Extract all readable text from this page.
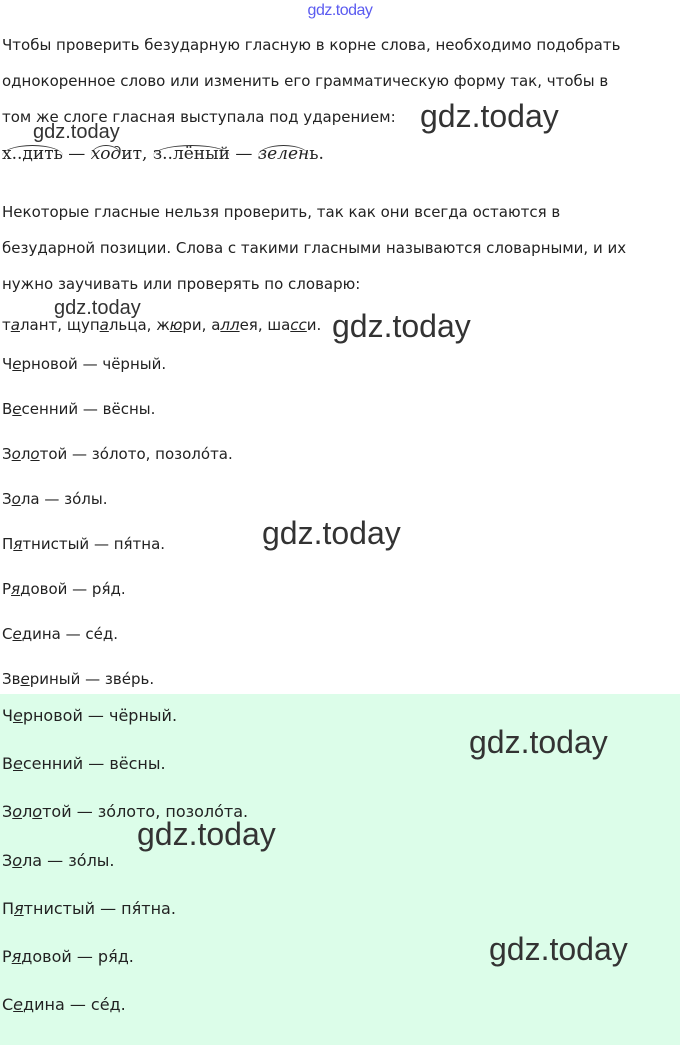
gdz.today
Чтобы проверить безударную гласную в корне слова, необходимо подобрать
однокоренное слово или изменить его грамматическую форму так, чтобы в
том же слоге гласная выступала под ударением:
х..дить — ходит, з..лёный — зелень.
Некоторые гласные нельзя проверить, так как они всегда остаются в
безударной позиции. Слова с такими гласными называются словарными, и их
нужно заучивать или проверять по словарю:
талант, щупальца, жюри, аллея, шасси.
Черновой — чёрный.
Весенний — вёсны.
Золотой — зо́лото, позоло́та.
Зола — зо́лы.
Пятнистый — пя́тна.
Рядовой — ря́д.
Седина — се́д.
Звериный — звéрь.
Черновой — чёрный.
Весенний — вёсны.
Золотой — зо́лото, позоло́та.
Зола — зо́лы.
Пятнистый — пя́тна.
Рядовой — ря́д.
Седина — се́д.
gdz.today
gdz.today
gdz.today	gdz.today
gdz.today
gdz.today
gdz.today
gdz.today
